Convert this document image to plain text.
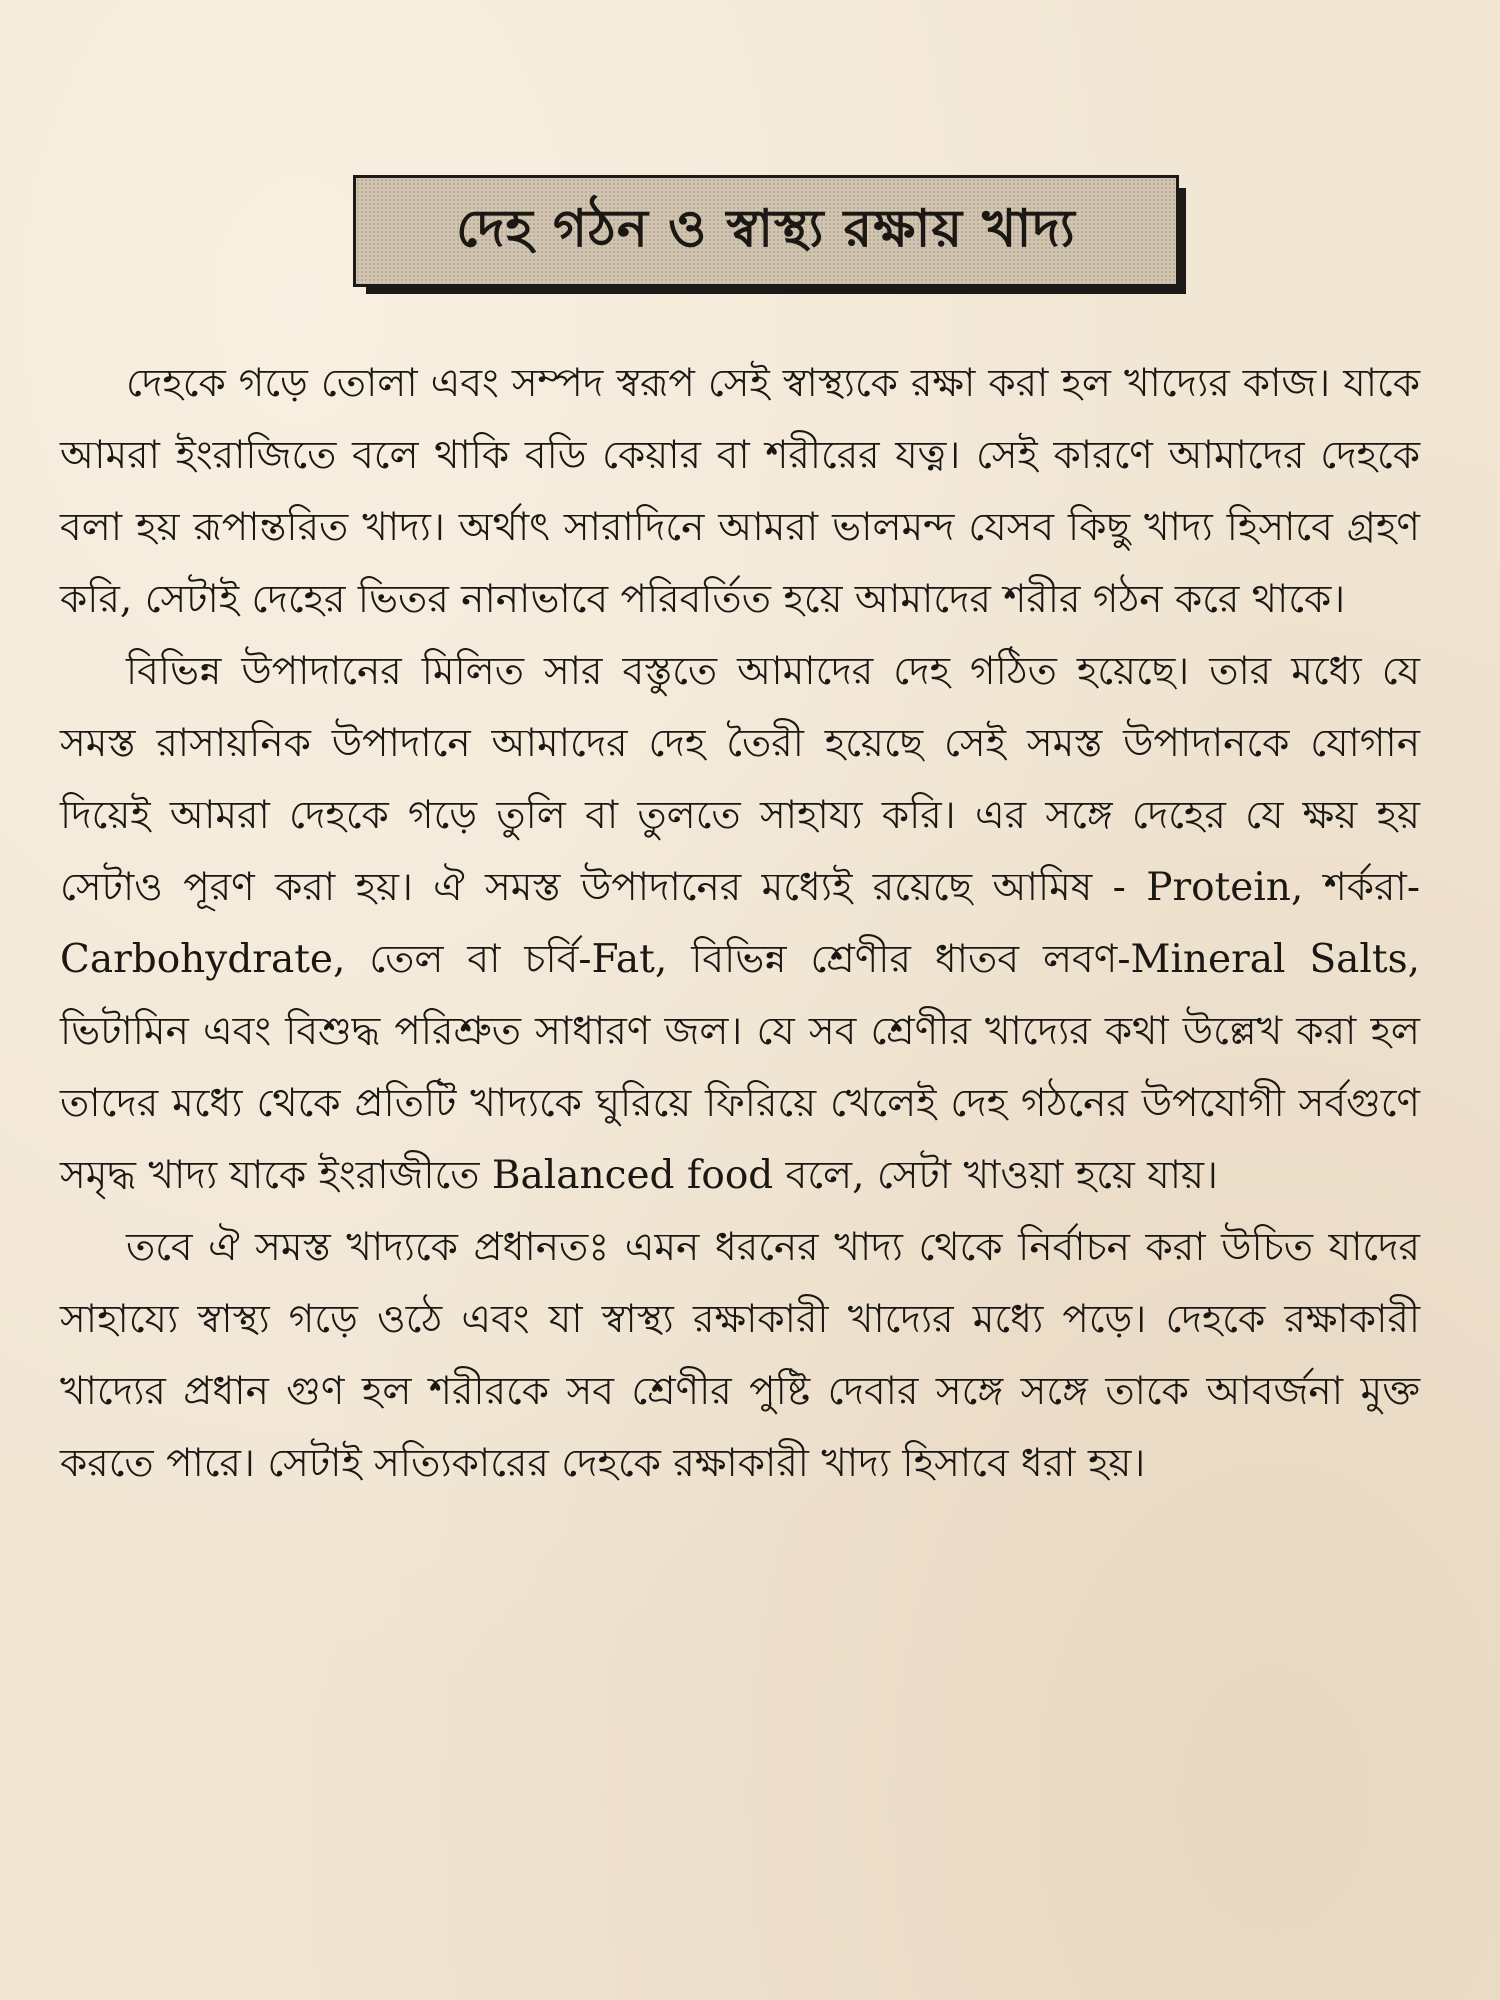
দেহ গঠন ও স্বাস্থ্য রক্ষায় খাদ্য

দেহকে গড়ে তোলা এবং সম্পদ স্বরূপ সেই স্বাস্থ্যকে রক্ষা করা হল খাদ্যের কাজ। যাকে আমরা ইংরাজিতে বলে থাকি বডি কেয়ার বা শরীরের যত্ন। সেই কারণে আমাদের দেহকে বলা হয় রূপান্তরিত খাদ্য। অর্থাৎ সারাদিনে আমরা ভালমন্দ যেসব কিছু খাদ্য হিসাবে গ্রহণ করি, সেটাই দেহের ভিতর নানাভাবে পরিবর্তিত হয়ে আমাদের শরীর গঠন করে থাকে।

বিভিন্ন উপাদানের মিলিত সার বস্তুতে আমাদের দেহ গঠিত হয়েছে। তার মধ্যে যে সমস্ত রাসায়নিক উপাদানে আমাদের দেহ তৈরী হয়েছে সেই সমস্ত উপাদানকে যোগান দিয়েই আমরা দেহকে গড়ে তুলি বা তুলতে সাহায্য করি। এর সঙ্গে দেহের যে ক্ষয় হয় সেটাও পূরণ করা হয়। ঐ সমস্ত উপাদানের মধ্যেই রয়েছে আমিষ - Protein, শর্করা-Carbohydrate, তেল বা চর্বি-Fat, বিভিন্ন শ্রেণীর ধাতব লবণ-Mineral Salts, ভিটামিন এবং বিশুদ্ধ পরিশ্রুত সাধারণ জল। যে সব শ্রেণীর খাদ্যের কথা উল্লেখ করা হল তাদের মধ্যে থেকে প্রতিটি খাদ্যকে ঘুরিয়ে ফিরিয়ে খেলেই দেহ গঠনের উপযোগী সর্বগুণে সমৃদ্ধ খাদ্য যাকে ইংরাজীতে Balanced food বলে, সেটা খাওয়া হয়ে যায়।

তবে ঐ সমস্ত খাদ্যকে প্রধানতঃ এমন ধরনের খাদ্য থেকে নির্বাচন করা উচিত যাদের সাহায্যে স্বাস্থ্য গড়ে ওঠে এবং যা স্বাস্থ্য রক্ষাকারী খাদ্যের মধ্যে পড়ে। দেহকে রক্ষাকারী খাদ্যের প্রধান গুণ হল শরীরকে সব শ্রেণীর পুষ্টি দেবার সঙ্গে সঙ্গে তাকে আবর্জনা মুক্ত করতে পারে। সেটাই সত্যিকারের দেহকে রক্ষাকারী খাদ্য হিসাবে ধরা হয়।
